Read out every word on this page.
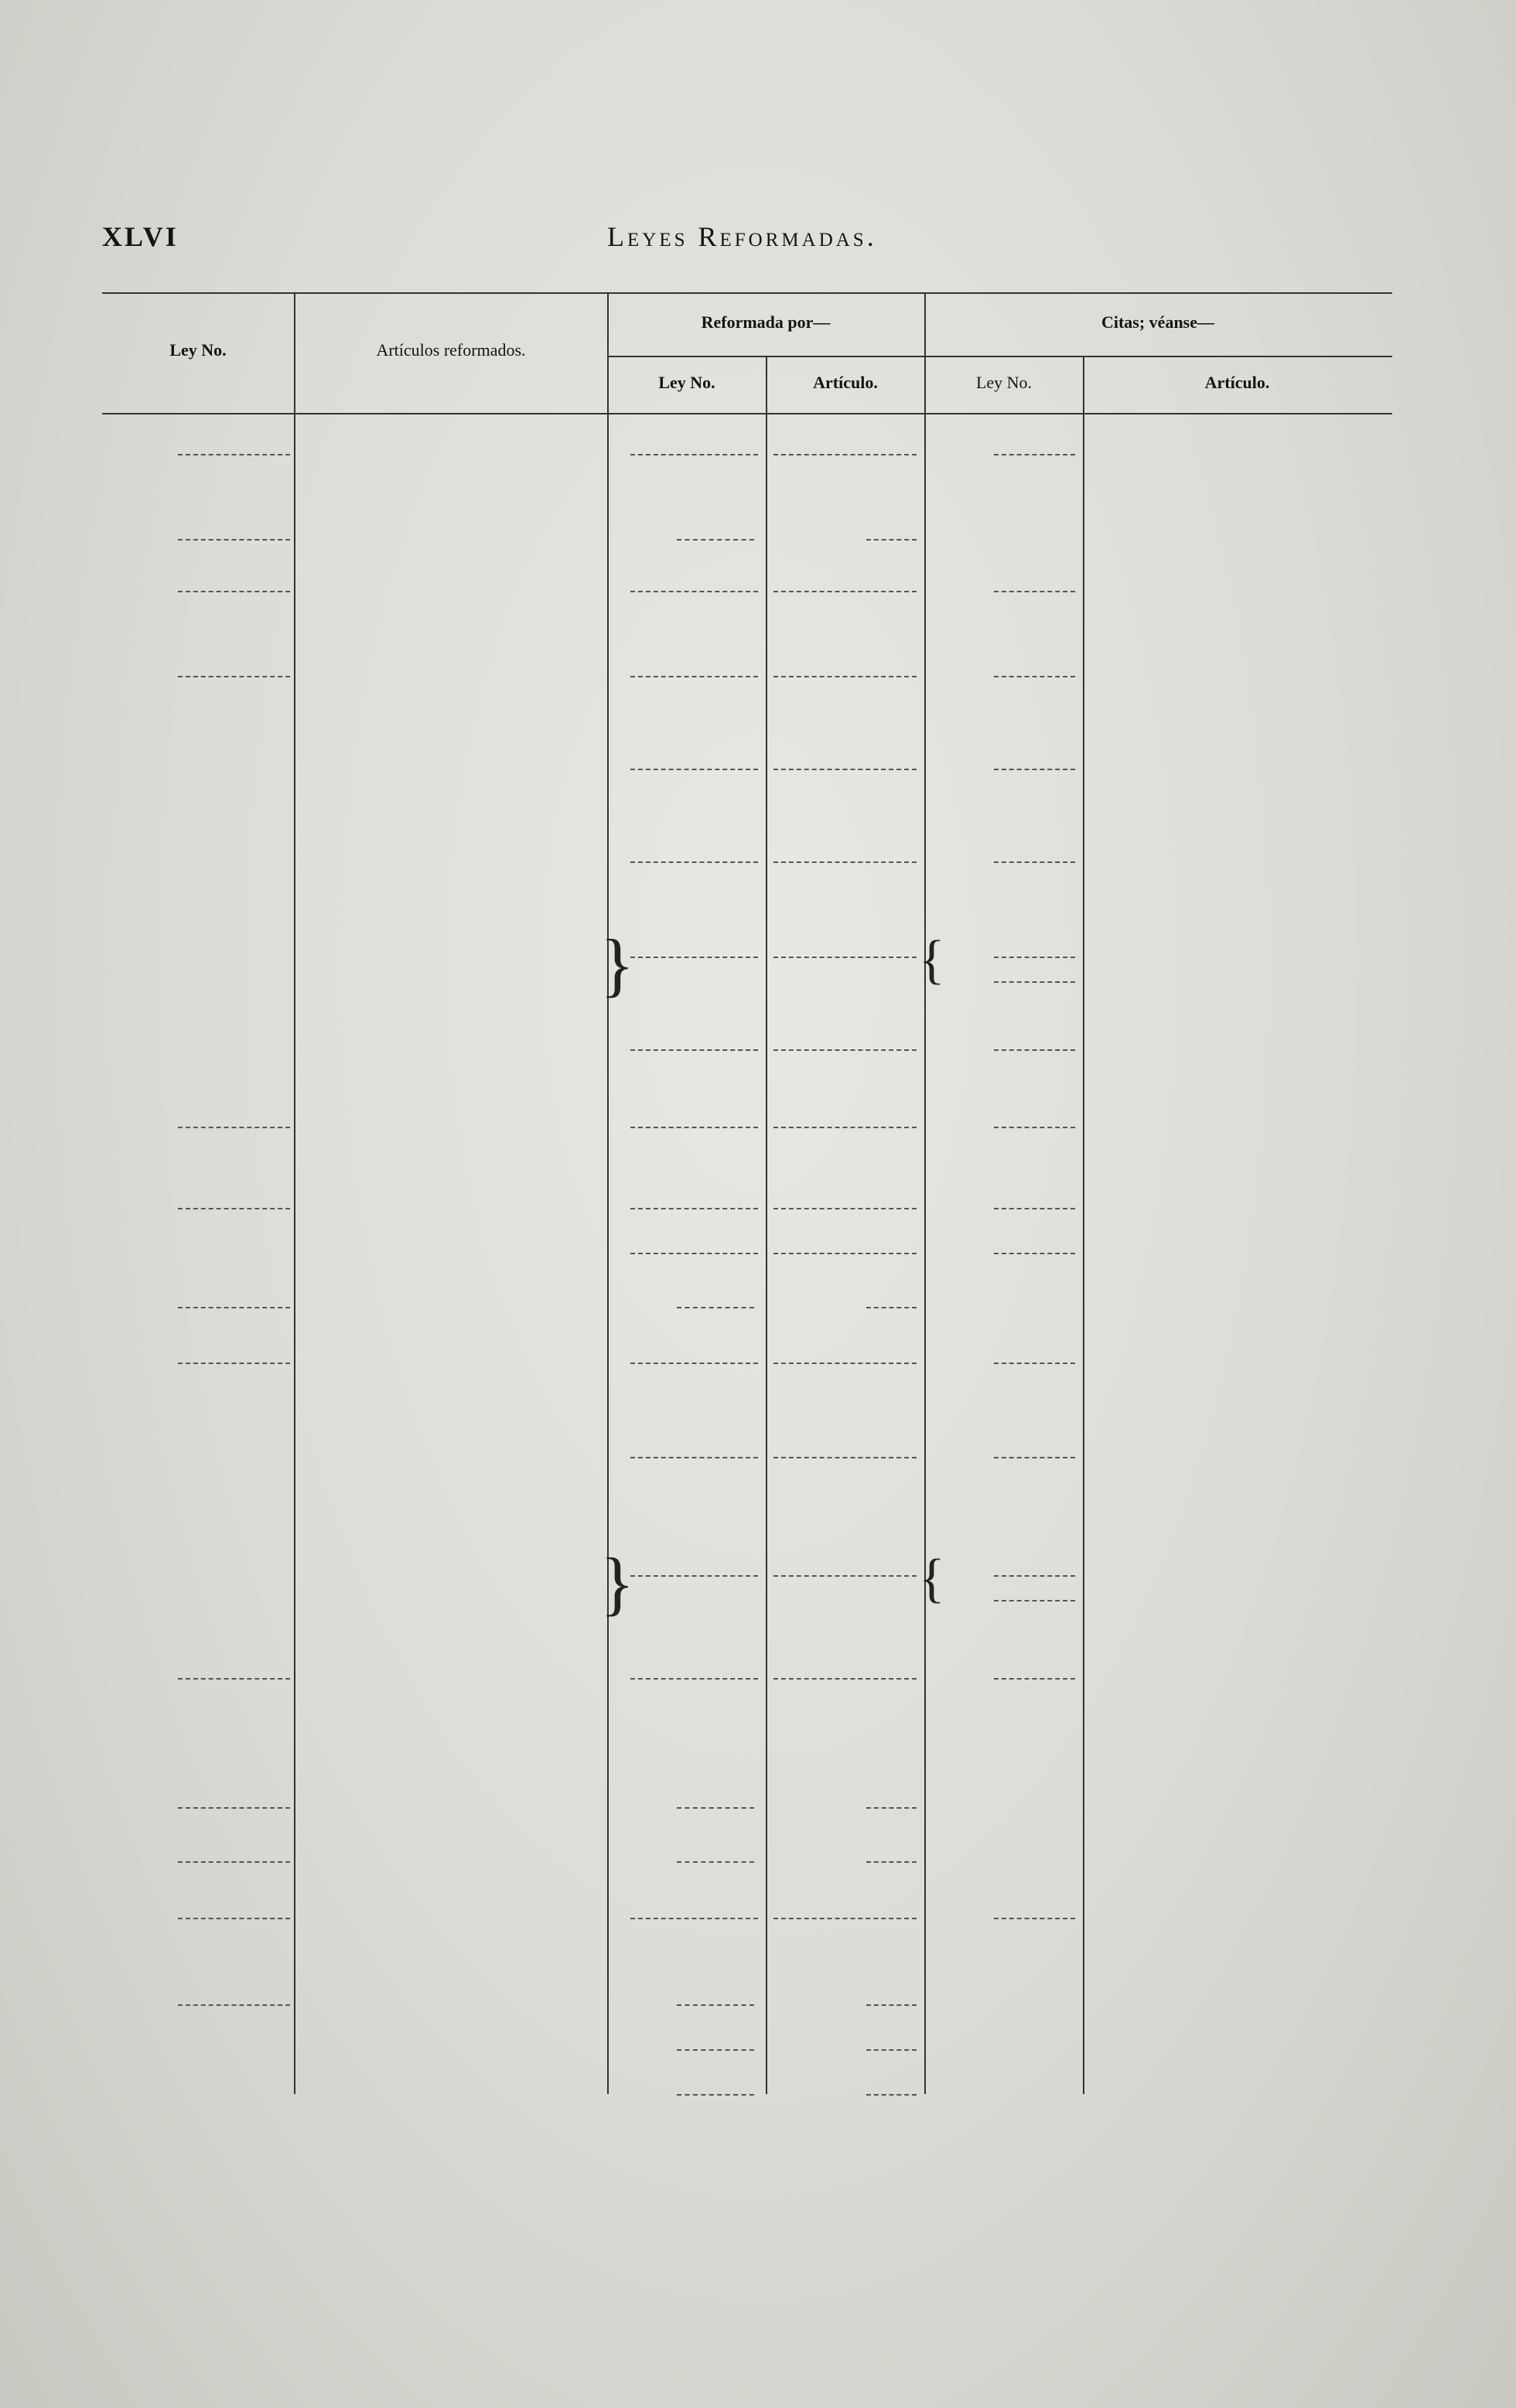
XLVI	Leyes Reformadas.
Ley No.	Artículos reformados.
Reformada por—	Citas; véanse—
Ley No.	Artículo.	Ley No.	Artículo.
}	{
}	{
